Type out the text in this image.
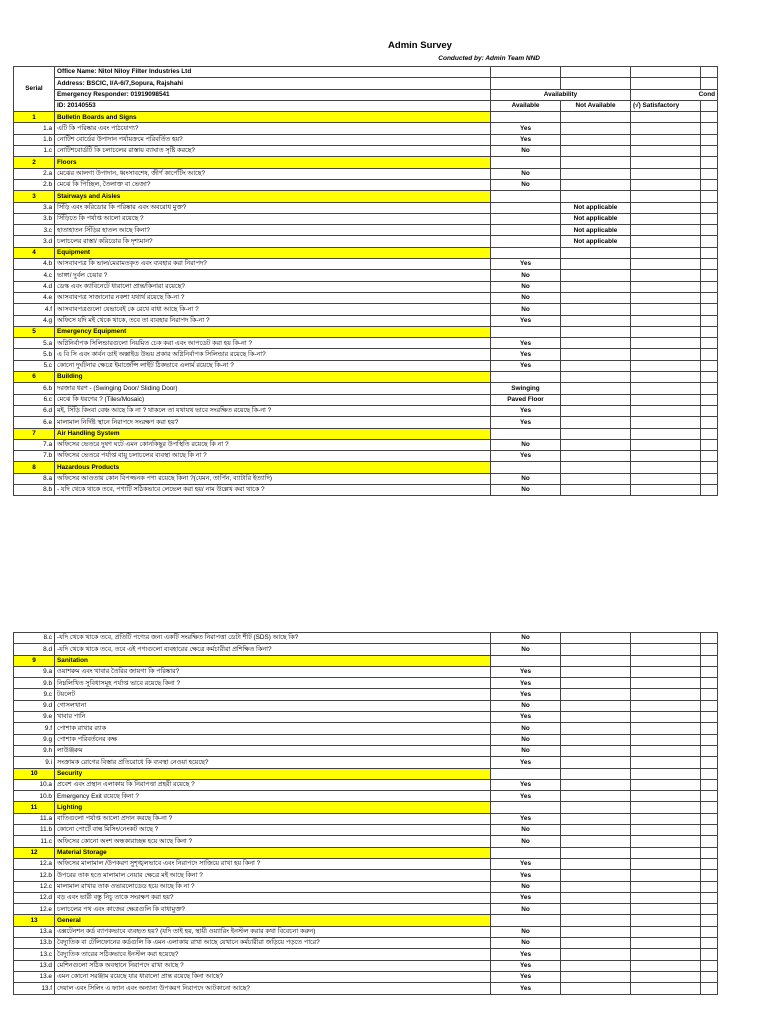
Admin Survey
Conducted by: Admin Team NND
Serial	Office Name: Nitol Niloy Filter Industries Ltd				
	Address: BSCIC, I/A-6/7,Sopura, Rajshahi				
	Emergency Responder: 01919098541	Availability		Cond	
	ID: 20140553	Available	Not Available	(√) Satisfactory	
1	Bulletin Boards and Signs				
1.a	এটি কি পরিষ্কার এবং পাঠযোগ্য?	Yes			
1.b	নোটিশ বোর্ডের উপাদান পর্যায়ক্রমে পরিবর্তিত হয়?	Yes			
1.c	নোটিশবোর্ডটি কি চলাচলের রাস্তায় ব্যাঘাত সৃষ্টি করছে?	No			
2	Floors				
2.a	মেঝের আলগা উপাদান, ধ্বংসাবশেষ, জীর্ণ কার্পেটিং আছে?	No			
2.b	মেঝে কি পিচ্ছিল, তৈলাক্ত বা ভেজা?	No			
3	Stairways and Aisles				
3.a	সিঁড়ি এবং করিডোর কি পরিষ্কার এবং অবরোধ মুক্ত?		Not applicable		
3.b	সিঁড়িতে কি পর্যাপ্ত আলো রয়েছে ?		Not applicable		
3.c	হাতাহাতন সিঁড়ির হাতল আছে কিনা?		Not applicable		
3.d	চলাচলের রাস্তা/ করিডোর কি দৃশ্যমান?		Not applicable		
4	Equipment				
4.b	আসবাবপত্র কি ভাল/মেরামতকৃত এবং ব্যবহার করা নিরাপদ?	Yes			
4.c	ভাঙ্গা/ দুর্বল চেয়ার ?	No			
4.d	ডেস্ক এবং ক্যাবিনেটে ধারালো প্রান্ত/কিনারা রয়েছে?	No			
4.e	আসবাবপত্র সাজানোর নকশা যথার্থ রয়েছে কি-না ?	No			
4.f	আসবাবপত্রগুলো যেভাবেই কে রেখে বাধা আছে কি-না ?	No			
4.g	অফিসে যদি মই থেকে থাকে, তবে তা ব্যবহার নিরাপদ কি-না ?	Yes			
5	Emergency Equipment				
5.a	অগ্নিনির্বাপক সিলিন্ডারগুলো নিয়মিত চেক করা এবং আপডেট করা হয় কি-না ?	Yes			
5.b	এ বি সি এবং কার্বন ডাই অক্সাইড উভয় প্রকার অগ্নিনির্বাপক সিলিন্ডার রয়েছে কি-না?	Yes			
5.c	কোনো দুর্ঘটনার ক্ষেত্রে ইমার্জেন্সি লাইট ঠিকভাবে এলার্ম রয়েছে কি-না ?	Yes			
6	Building				
6.b	দরজার ধরণ - (Swinging Door/ Sliding Door)	Swinging			
6.c	মেঝে কি ধরণের ? (Tiles/Mosaic)	Paved Floor			
6.d	মই, সিঁড়ি কিংবা বেঞ্চ আছে কি না ? থাকলে তা যথাযথ ভাবে সংরক্ষিত রয়েছে কি-না ?	Yes			
6.e	মালামাল নির্দিষ্ট স্থানে নিরাপদে সংরক্ষণ করা হয়?	Yes			
7	Air Handling System				
7.a	অফিসের ভেতরে দুষণ ঘটে এমন কোনকিছুর উপস্থিতি রয়েছে কি না ?	No			
7.b	অফিসের ভেতরে পর্যাপ্ত বায়ু চলাচলের ব্যবস্থা আছে কি না ?	Yes			
8	Hazardous Products				
8.a	অফিসের আওতায় কোন বিপজ্জনক পণ্য রয়েছে কিনা ?(যেমন, তার্পিন, ব্যাটারি ইত্যাদি)	No			
8.b	- যদি থেকে থাকে তবে, পণ্যটি সঠিকভাবে লেভেল করা হয়/ নাম উল্লেখ করা থাকে ?	No			
8.c	-যদি থেকে থাকে তবে, প্রতিটি পণ্যের জন্য একটি সংরক্ষিত নিরাপত্তা ডেটা শীট (SDS) আছে কি?	No			
8.d	-যদি থেকে থাকে তবে, তবে এই পণ্যগুলো ব্যবহারের ক্ষেত্রে কর্মচারীরা প্রশিক্ষিত কিনা?	No			
9	Sanitation				
9.a	ওয়াশরুম এবং খাবার তৈরির জায়গা কি পরিষ্কার?	Yes			
9.b	নিম্নলিখিত সুবিধাসমূহ পর্যাপ্ত ভাবে রয়েছে কিনা ?	Yes			
9.c	টয়লেট	Yes			
9.d	গোসলখানা	No			
9.e	খাবার পানি	Yes			
9.f	পোশাক রাখার র‍্যাক	No			
9.g	পোশাক পরিবর্তনের কক্ষ	No			
9.h	লাউঞ্জরুম	No			
9.i	সংক্রামক রোগের বিস্তার প্রতিরোধে কি ব্যবস্থা নেওয়া হয়েছে?	Yes			
10	Security				
10.a	প্রবেশ এবং প্রস্থান এলাকায় কি নিরাপত্তা প্রহরী রয়েছে ?	Yes			
10.b	Emergency Exit রয়েছে কিনা ?	Yes			
11	Lighting				
11.a	বাতিগুলো পর্যাপ্ত আলো প্রদান করছে কি-না ?	Yes			
11.b	কোনো পোর্টে বাল্ব মিসিং/নেংকট আছে ?	No			
11.c	অফিসের কোনো অংশ অন্ধকারাচ্ছন্ন হয়ে আছে কিনা ?	No			
12	Material Storage				
12.a	অফিসের মালামাল /উপকরণ সুশৃঙ্খলভাবে এবং নিরাপদে সাজিয়ে রাখা হয় কিনা ?	Yes			
12.b	উপরের তাক হতে মালামাল নেয়ার ক্ষেত্রে মই আছে কিনা ?	Yes			
12.c	মালামাল রাখার তাক ওভারলোডেড হয়ে আছে কি না ?	No			
12.d	বড় এবং ভারী বস্তু নিচু তাকে সংরক্ষণ করা হয়?	Yes			
12.e	চলাচলের পথ এবং কাজের ক্ষেত্রগুলি কি বাধামুক্ত?	No			
13	General				
13.a	এক্সটেনশন কর্ড ব্যাপকভাবে ব্যবহৃত হয়? (যদি তাই হয়, স্থায়ী ওয়্যারিং ইনস্টল করার কথা বিবেচনা করুন)	No			
13.b	বৈদ্যুতিক বা টেলিফোনের কর্ডগুলি কি এমন এলাকায় রাখা আছে যেখানে কর্মচারীরা জড়িয়ে পড়তে পারে?	No			
13.c	বৈদ্যুতিক তারের সঠিকভাবে ইনস্টল করা হয়েছে?	Yes			
13.d	মেশিনগুলো সঠিক অবস্থানে নিরাপদে রাখা আছে ?	Yes			
13.e	এমন কোনো সরঞ্জাম রয়েছে যার ধারালো প্রান্ত রয়েছে কিনা আছে?	Yes			
13.f	দেয়াল এবং সিলিং এ ফ্যান এবং অন্যান্য উপকরণ নিরাপদে আটকানো আছে?	Yes			
